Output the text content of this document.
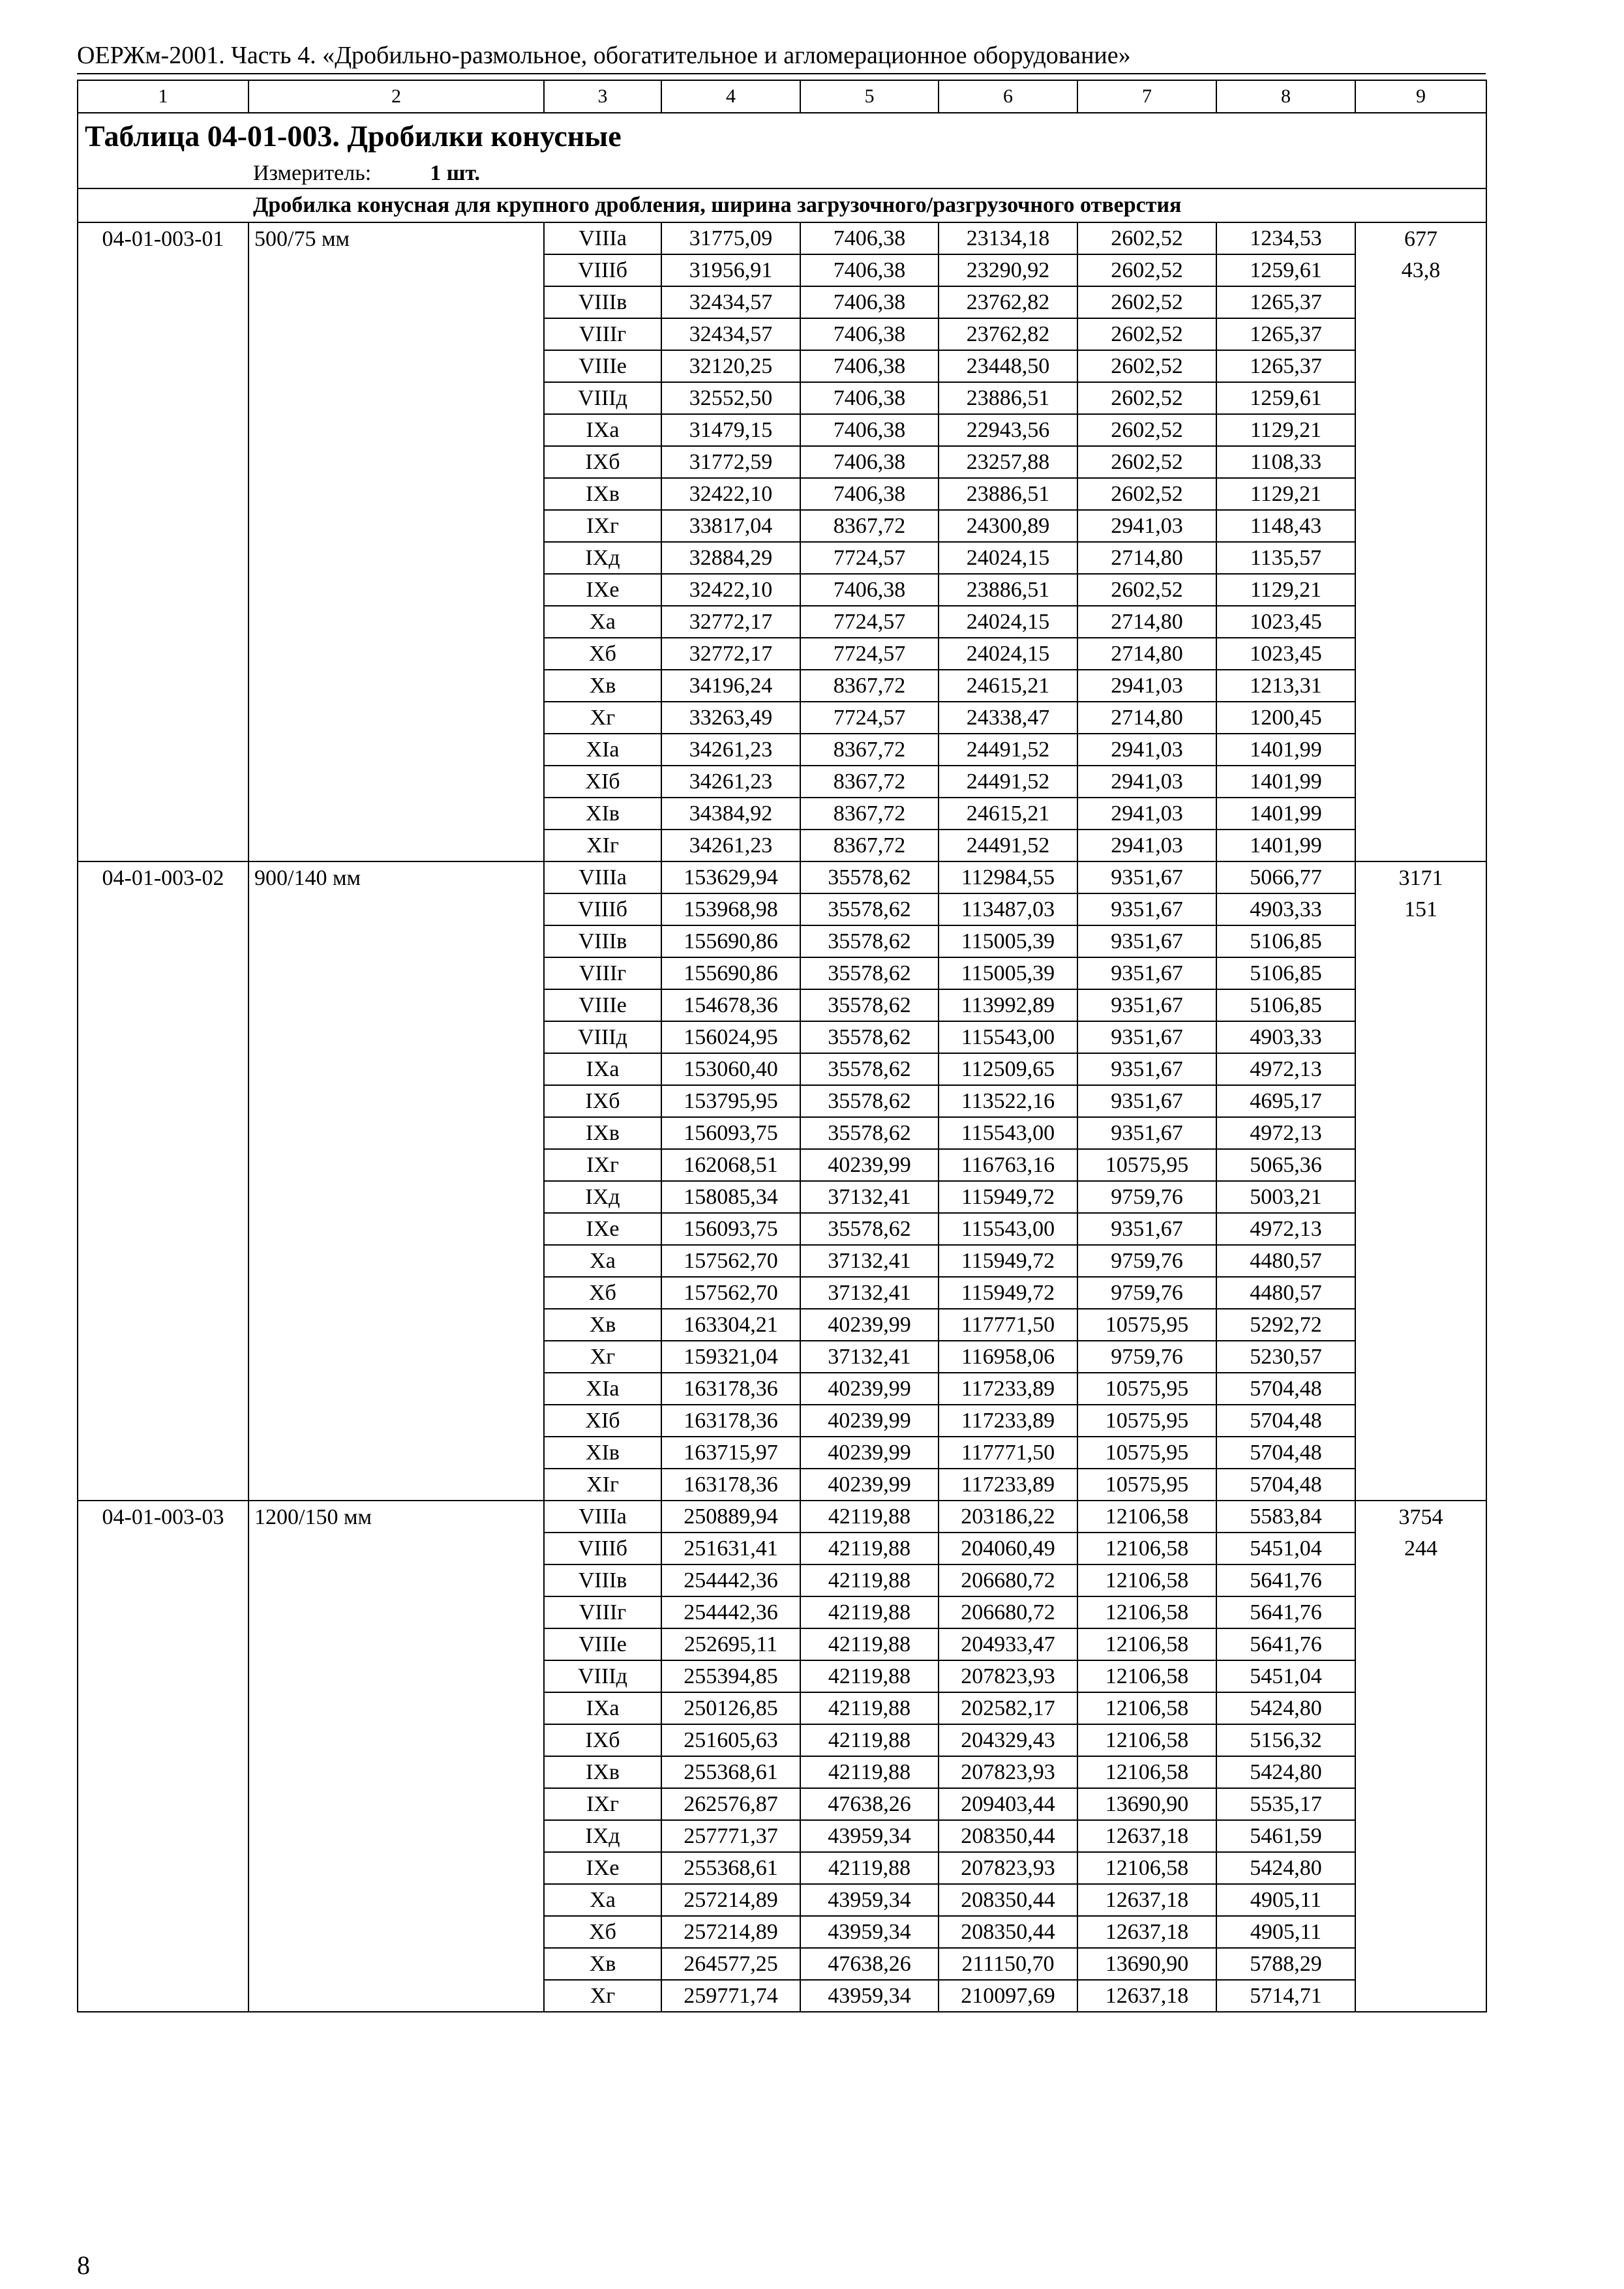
ОЕРЖм-2001. Часть 4. «Дробильно-размольное, обогатительное и агломерационное оборудование»
1	2	3	4	5	6	7	8	9
Таблица 04-01-003. Дробилки конусные								
Измеритель: 1 шт.								
Дробилка конусная для крупного дробления, ширина загрузочного/разгрузочного отверстия								
04-01-003-01	500/75 мм	VIIIа	31775,09	7406,38	23134,18	2602,52	1234,53	677
		VIIIб	31956,91	7406,38	23290,92	2602,52	1259,61	43,8
		VIIIв	32434,57	7406,38	23762,82	2602,52	1265,37	
		VIIIг	32434,57	7406,38	23762,82	2602,52	1265,37	
		VIIIе	32120,25	7406,38	23448,50	2602,52	1265,37	
		VIIIд	32552,50	7406,38	23886,51	2602,52	1259,61	
		IXа	31479,15	7406,38	22943,56	2602,52	1129,21	
		IXб	31772,59	7406,38	23257,88	2602,52	1108,33	
		IXв	32422,10	7406,38	23886,51	2602,52	1129,21	
		IXг	33817,04	8367,72	24300,89	2941,03	1148,43	
		IXд	32884,29	7724,57	24024,15	2714,80	1135,57	
		IXе	32422,10	7406,38	23886,51	2602,52	1129,21	
		Xа	32772,17	7724,57	24024,15	2714,80	1023,45	
		Xб	32772,17	7724,57	24024,15	2714,80	1023,45	
		Xв	34196,24	8367,72	24615,21	2941,03	1213,31	
		Xг	33263,49	7724,57	24338,47	2714,80	1200,45	
		XIа	34261,23	8367,72	24491,52	2941,03	1401,99	
		XIб	34261,23	8367,72	24491,52	2941,03	1401,99	
		XIв	34384,92	8367,72	24615,21	2941,03	1401,99	
		XIг	34261,23	8367,72	24491,52	2941,03	1401,99	
04-01-003-02	900/140 мм	VIIIа	153629,94	35578,62	112984,55	9351,67	5066,77	3171
		VIIIб	153968,98	35578,62	113487,03	9351,67	4903,33	151
		VIIIв	155690,86	35578,62	115005,39	9351,67	5106,85	
		VIIIг	155690,86	35578,62	115005,39	9351,67	5106,85	
		VIIIе	154678,36	35578,62	113992,89	9351,67	5106,85	
		VIIIд	156024,95	35578,62	115543,00	9351,67	4903,33	
		IXа	153060,40	35578,62	112509,65	9351,67	4972,13	
		IXб	153795,95	35578,62	113522,16	9351,67	4695,17	
		IXв	156093,75	35578,62	115543,00	9351,67	4972,13	
		IXг	162068,51	40239,99	116763,16	10575,95	5065,36	
		IXд	158085,34	37132,41	115949,72	9759,76	5003,21	
		IXе	156093,75	35578,62	115543,00	9351,67	4972,13	
		Xа	157562,70	37132,41	115949,72	9759,76	4480,57	
		Xб	157562,70	37132,41	115949,72	9759,76	4480,57	
		Xв	163304,21	40239,99	117771,50	10575,95	5292,72	
		Xг	159321,04	37132,41	116958,06	9759,76	5230,57	
		XIа	163178,36	40239,99	117233,89	10575,95	5704,48	
		XIб	163178,36	40239,99	117233,89	10575,95	5704,48	
		XIв	163715,97	40239,99	117771,50	10575,95	5704,48	
		XIг	163178,36	40239,99	117233,89	10575,95	5704,48	
04-01-003-03	1200/150 мм	VIIIа	250889,94	42119,88	203186,22	12106,58	5583,84	3754
		VIIIб	251631,41	42119,88	204060,49	12106,58	5451,04	244
		VIIIв	254442,36	42119,88	206680,72	12106,58	5641,76	
		VIIIг	254442,36	42119,88	206680,72	12106,58	5641,76	
		VIIIе	252695,11	42119,88	204933,47	12106,58	5641,76	
		VIIIд	255394,85	42119,88	207823,93	12106,58	5451,04	
		IXа	250126,85	42119,88	202582,17	12106,58	5424,80	
		IXб	251605,63	42119,88	204329,43	12106,58	5156,32	
		IXв	255368,61	42119,88	207823,93	12106,58	5424,80	
		IXг	262576,87	47638,26	209403,44	13690,90	5535,17	
		IXд	257771,37	43959,34	208350,44	12637,18	5461,59	
		IXе	255368,61	42119,88	207823,93	12106,58	5424,80	
		Xа	257214,89	43959,34	208350,44	12637,18	4905,11	
		Xб	257214,89	43959,34	208350,44	12637,18	4905,11	
		Xв	264577,25	47638,26	211150,70	13690,90	5788,29	
		Xг	259771,74	43959,34	210097,69	12637,18	5714,71	
8
